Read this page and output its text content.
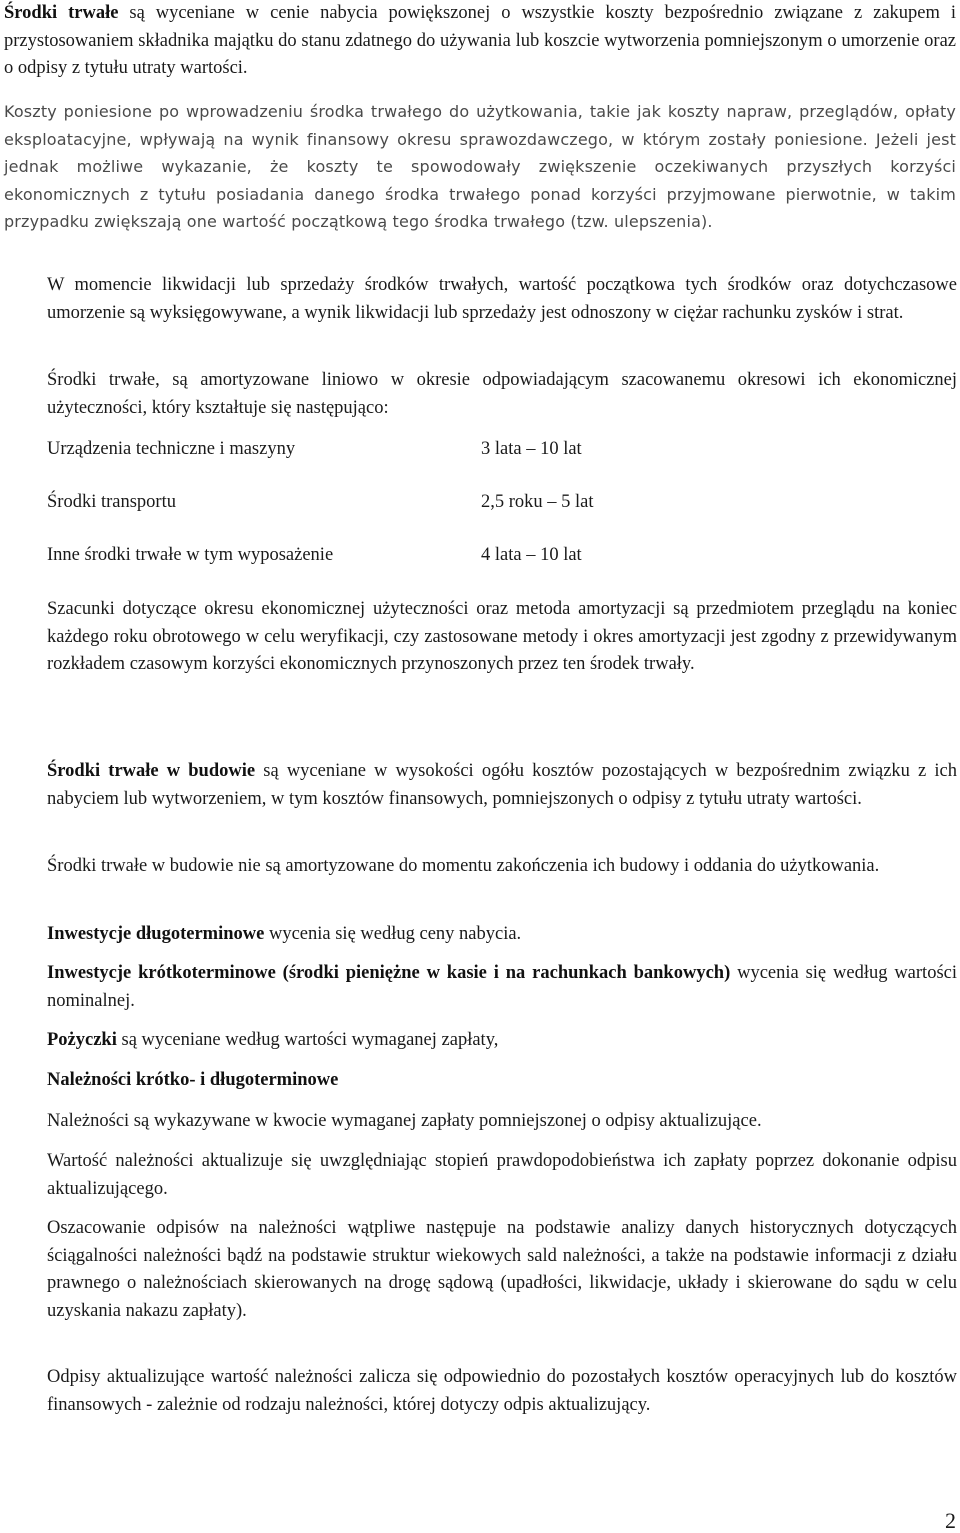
Środki trwałe są wyceniane w cenie nabycia powiększonej o wszystkie koszty bezpośrednio związane z zakupem i przystosowaniem składnika majątku do stanu zdatnego do używania lub koszcie wytworzenia pomniejszonym o umorzenie oraz o odpisy z tytułu utraty wartości.

Koszty poniesione po wprowadzeniu środka trwałego do użytkowania, takie jak koszty napraw, przeglądów, opłaty eksploatacyjne, wpływają na wynik finansowy okresu sprawozdawczego, w którym zostały poniesione. Jeżeli jest jednak możliwe wykazanie, że koszty te spowodowały zwiększenie oczekiwanych przyszłych korzyści ekonomicznych z tytułu posiadania danego środka trwałego ponad korzyści przyjmowane pierwotnie, w takim przypadku zwiększają one wartość początkową tego środka trwałego (tzw. ulepszenia).

W momencie likwidacji lub sprzedaży środków trwałych, wartość początkowa tych środków oraz dotychczasowe umorzenie są wyksięgowywane, a wynik likwidacji lub sprzedaży jest odnoszony w ciężar rachunku zysków i strat.

Środki trwałe, są amortyzowane liniowo w okresie odpowiadającym szacowanemu okresowi ich ekonomicznej użyteczności, który kształtuje się następująco:

Urządzenia techniczne i maszyny	3 lata – 10 lat
Środki transportu	2,5 roku – 5 lat
Inne środki trwałe w tym wyposażenie	4 lata – 10 lat

Szacunki dotyczące okresu ekonomicznej użyteczności oraz metoda amortyzacji są przedmiotem przeglądu na koniec każdego roku obrotowego w celu weryfikacji, czy zastosowane metody i okres amortyzacji jest zgodny z przewidywanym rozkładem czasowym korzyści ekonomicznych przynoszonych przez ten środek trwały.

Środki trwałe w budowie są wyceniane w wysokości ogółu kosztów pozostających w bezpośrednim związku z ich nabyciem lub wytworzeniem, w tym kosztów finansowych, pomniejszonych o odpisy z tytułu utraty wartości.

Środki trwałe w budowie nie są amortyzowane do momentu zakończenia ich budowy i oddania do użytkowania.

Inwestycje długoterminowe wycenia się według ceny nabycia.

Inwestycje krótkoterminowe (środki pieniężne w kasie i na rachunkach bankowych) wycenia się według wartości nominalnej.

Pożyczki są wyceniane według wartości wymaganej zapłaty,

Należności krótko- i długoterminowe

Należności są wykazywane w kwocie wymaganej zapłaty pomniejszonej o odpisy aktualizujące.

Wartość należności aktualizuje się uwzględniając stopień prawdopodobieństwa ich zapłaty poprzez dokonanie odpisu aktualizującego.

Oszacowanie odpisów na należności wątpliwe następuje na podstawie analizy danych historycznych dotyczących ściągalności należności bądź na podstawie struktur wiekowych sald należności, a także na podstawie informacji z działu prawnego o należnościach skierowanych na drogę sądową (upadłości, likwidacje, układy i skierowane do sądu w celu uzyskania nakazu zapłaty).

Odpisy aktualizujące wartość należności zalicza się odpowiednio do pozostałych kosztów operacyjnych lub do kosztów finansowych - zależnie od rodzaju należności, której dotyczy odpis aktualizujący.

2
